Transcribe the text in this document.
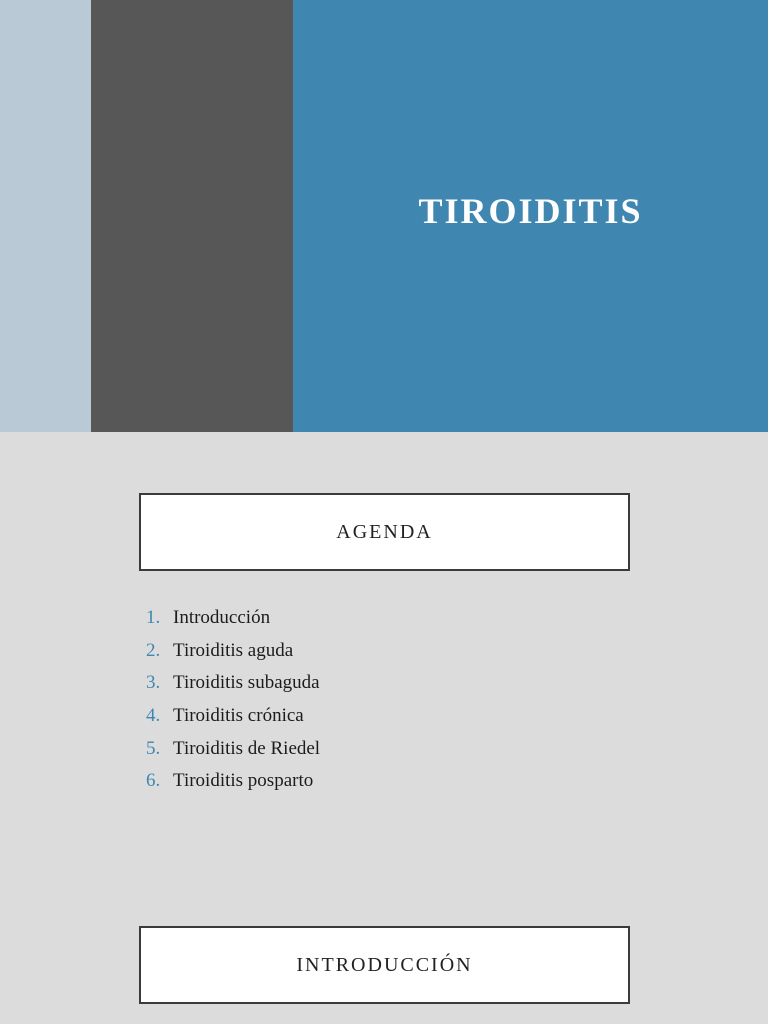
TIROIDITIS
AGENDA
1. Introducción
2. Tiroiditis aguda
3. Tiroiditis subaguda
4. Tiroiditis crónica
5. Tiroiditis de Riedel
6. Tiroiditis posparto
INTRODUCCIÓN
